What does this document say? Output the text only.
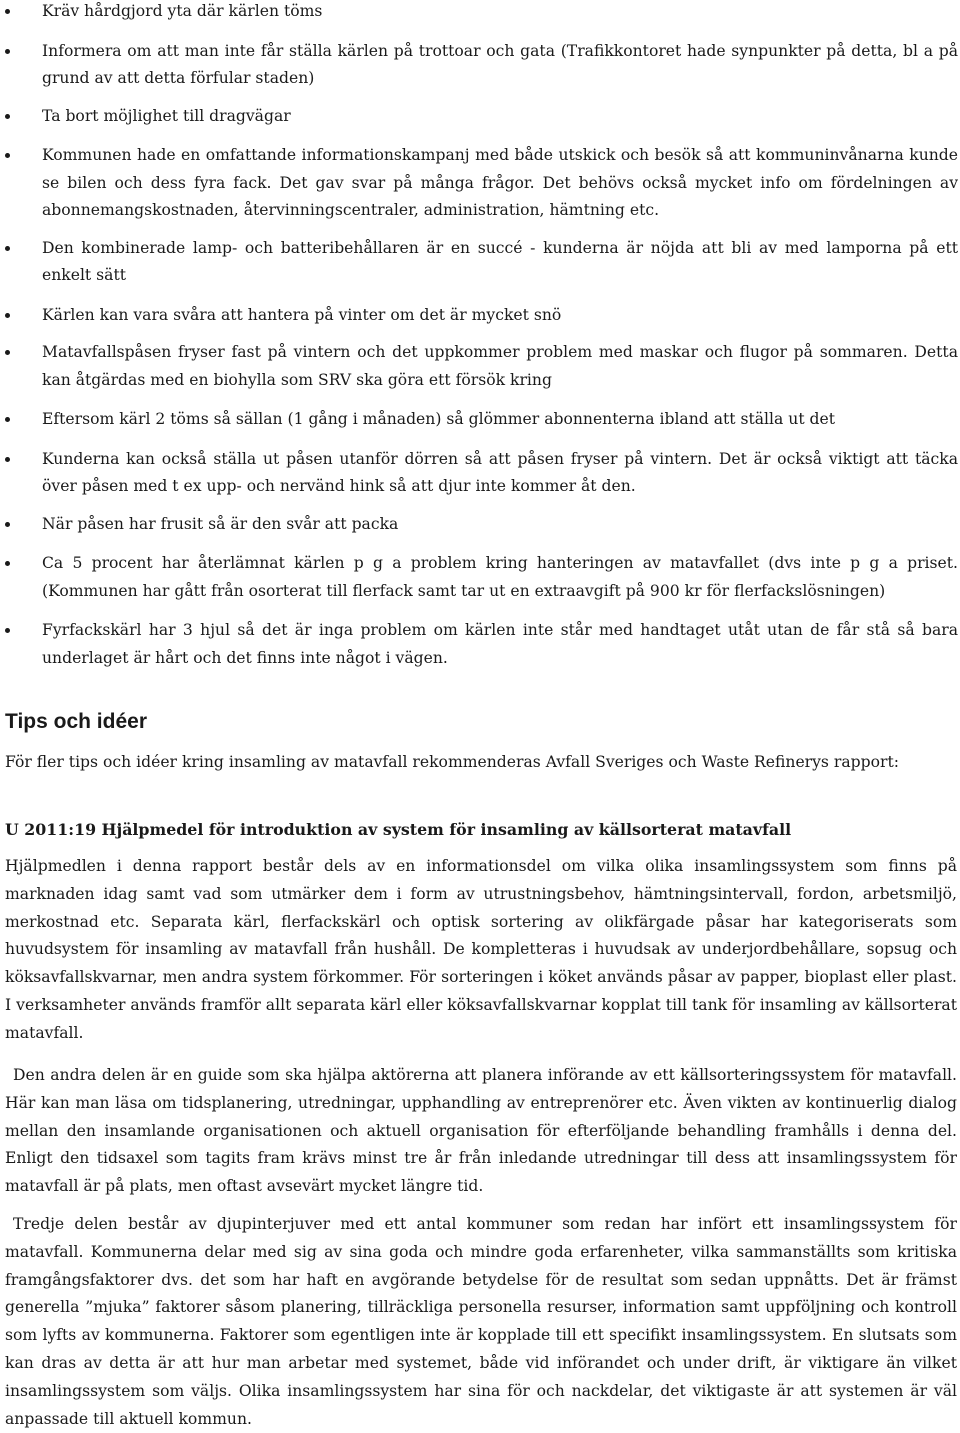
Kräv hårdgjord yta där kärlen töms
Informera om att man inte får ställa kärlen på trottoar och gata (Trafikkontoret hade synpunkter på detta, bl a på grund av att detta förfular staden)
Ta bort möjlighet till dragvägar
Kommunen hade en omfattande informationskampanj med både utskick och besök så att kommuninvånarna kunde se bilen och dess fyra fack. Det gav svar på många frågor. Det behövs också mycket info om fördelningen av abonnemangskostnaden, återvinningscentraler, administration, hämtning etc.
Den kombinerade lamp- och batteribehållaren är en succé - kunderna är nöjda att bli av med lamporna på ett enkelt sätt
Kärlen kan vara svåra att hantera på vinter om det är mycket snö
Matavfallspåsen fryser fast på vintern och det uppkommer problem med maskar och flugor på sommaren. Detta kan åtgärdas med en biohylla som SRV ska göra ett försök kring
Eftersom kärl 2 töms så sällan (1 gång i månaden) så glömmer abonnenterna ibland att ställa ut det
Kunderna kan också ställa ut påsen utanför dörren så att påsen fryser på vintern. Det är också viktigt att täcka över påsen med t ex upp- och nervänd hink så att djur inte kommer åt den.
När påsen har frusit så är den svår att packa
Ca 5 procent har återlämnat kärlen p g a problem kring hanteringen av matavfallet (dvs inte p g a priset. (Kommunen har gått från osorterat till flerfack samt tar ut en extraavgift på 900 kr för flerfackslösningen)
Fyrfackskärl har 3 hjul så det är inga problem om kärlen inte står med handtaget utåt utan de får stå så bara underlaget är hårt och det finns inte något i vägen.
Tips och idéer
För fler tips och idéer kring insamling av matavfall rekommenderas Avfall Sveriges och Waste Refinerys rapport:
U 2011:19 Hjälpmedel för introduktion av system för insamling av källsorterat matavfall
Hjälpmedlen i denna rapport består dels av en informationsdel om vilka olika insamlingssystem som finns på marknaden idag samt vad som utmärker dem i form av utrustningsbehov, hämtningsintervall, fordon, arbetsmiljö, merkostnad etc. Separata kärl, flerfackskärl och optisk sortering av olikfärgade påsar har kategoriserats som huvudsystem för insamling av matavfall från hushåll. De kompletteras i huvudsak av underjordbehållare, sopsug och köksavfallskvarnar, men andra system förkommer. För sorteringen i köket används påsar av papper, bioplast eller plast. I verksamheter används framför allt separata kärl eller köksavfallskvarnar kopplat till tank för insamling av källsorterat matavfall.
Den andra delen är en guide som ska hjälpa aktörerna att planera införande av ett källsorteringssystem för matavfall. Här kan man läsa om tidsplanering, utredningar, upphandling av entreprenörer etc. Även vikten av kontinuerlig dialog mellan den insamlande organisationen och aktuell organisation för efterföljande behandling framhålls i denna del. Enligt den tidsaxel som tagits fram krävs minst tre år från inledande utredningar till dess att insamlingssystem för matavfall är på plats, men oftast avsevärt mycket längre tid.
Tredje delen består av djupinterjuver med ett antal kommuner som redan har infört ett insamlingssystem för matavfall. Kommunerna delar med sig av sina goda och mindre goda erfarenheter, vilka sammanställts som kritiska framgångsfaktorer dvs. det som har haft en avgörande betydelse för de resultat som sedan uppnåtts. Det är främst generella ”mjuka” faktorer såsom planering, tillräckliga personella resurser, information samt uppföljning och kontroll som lyfts av kommunerna. Faktorer som egentligen inte är kopplade till ett specifikt insamlingssystem. En slutsats som kan dras av detta är att hur man arbetar med systemet, både vid införandet och under drift, är viktigare än vilket insamlingssystem som väljs. Olika insamlingssystem har sina för och nackdelar, det viktigaste är att systemen är väl anpassade till aktuell kommun.
